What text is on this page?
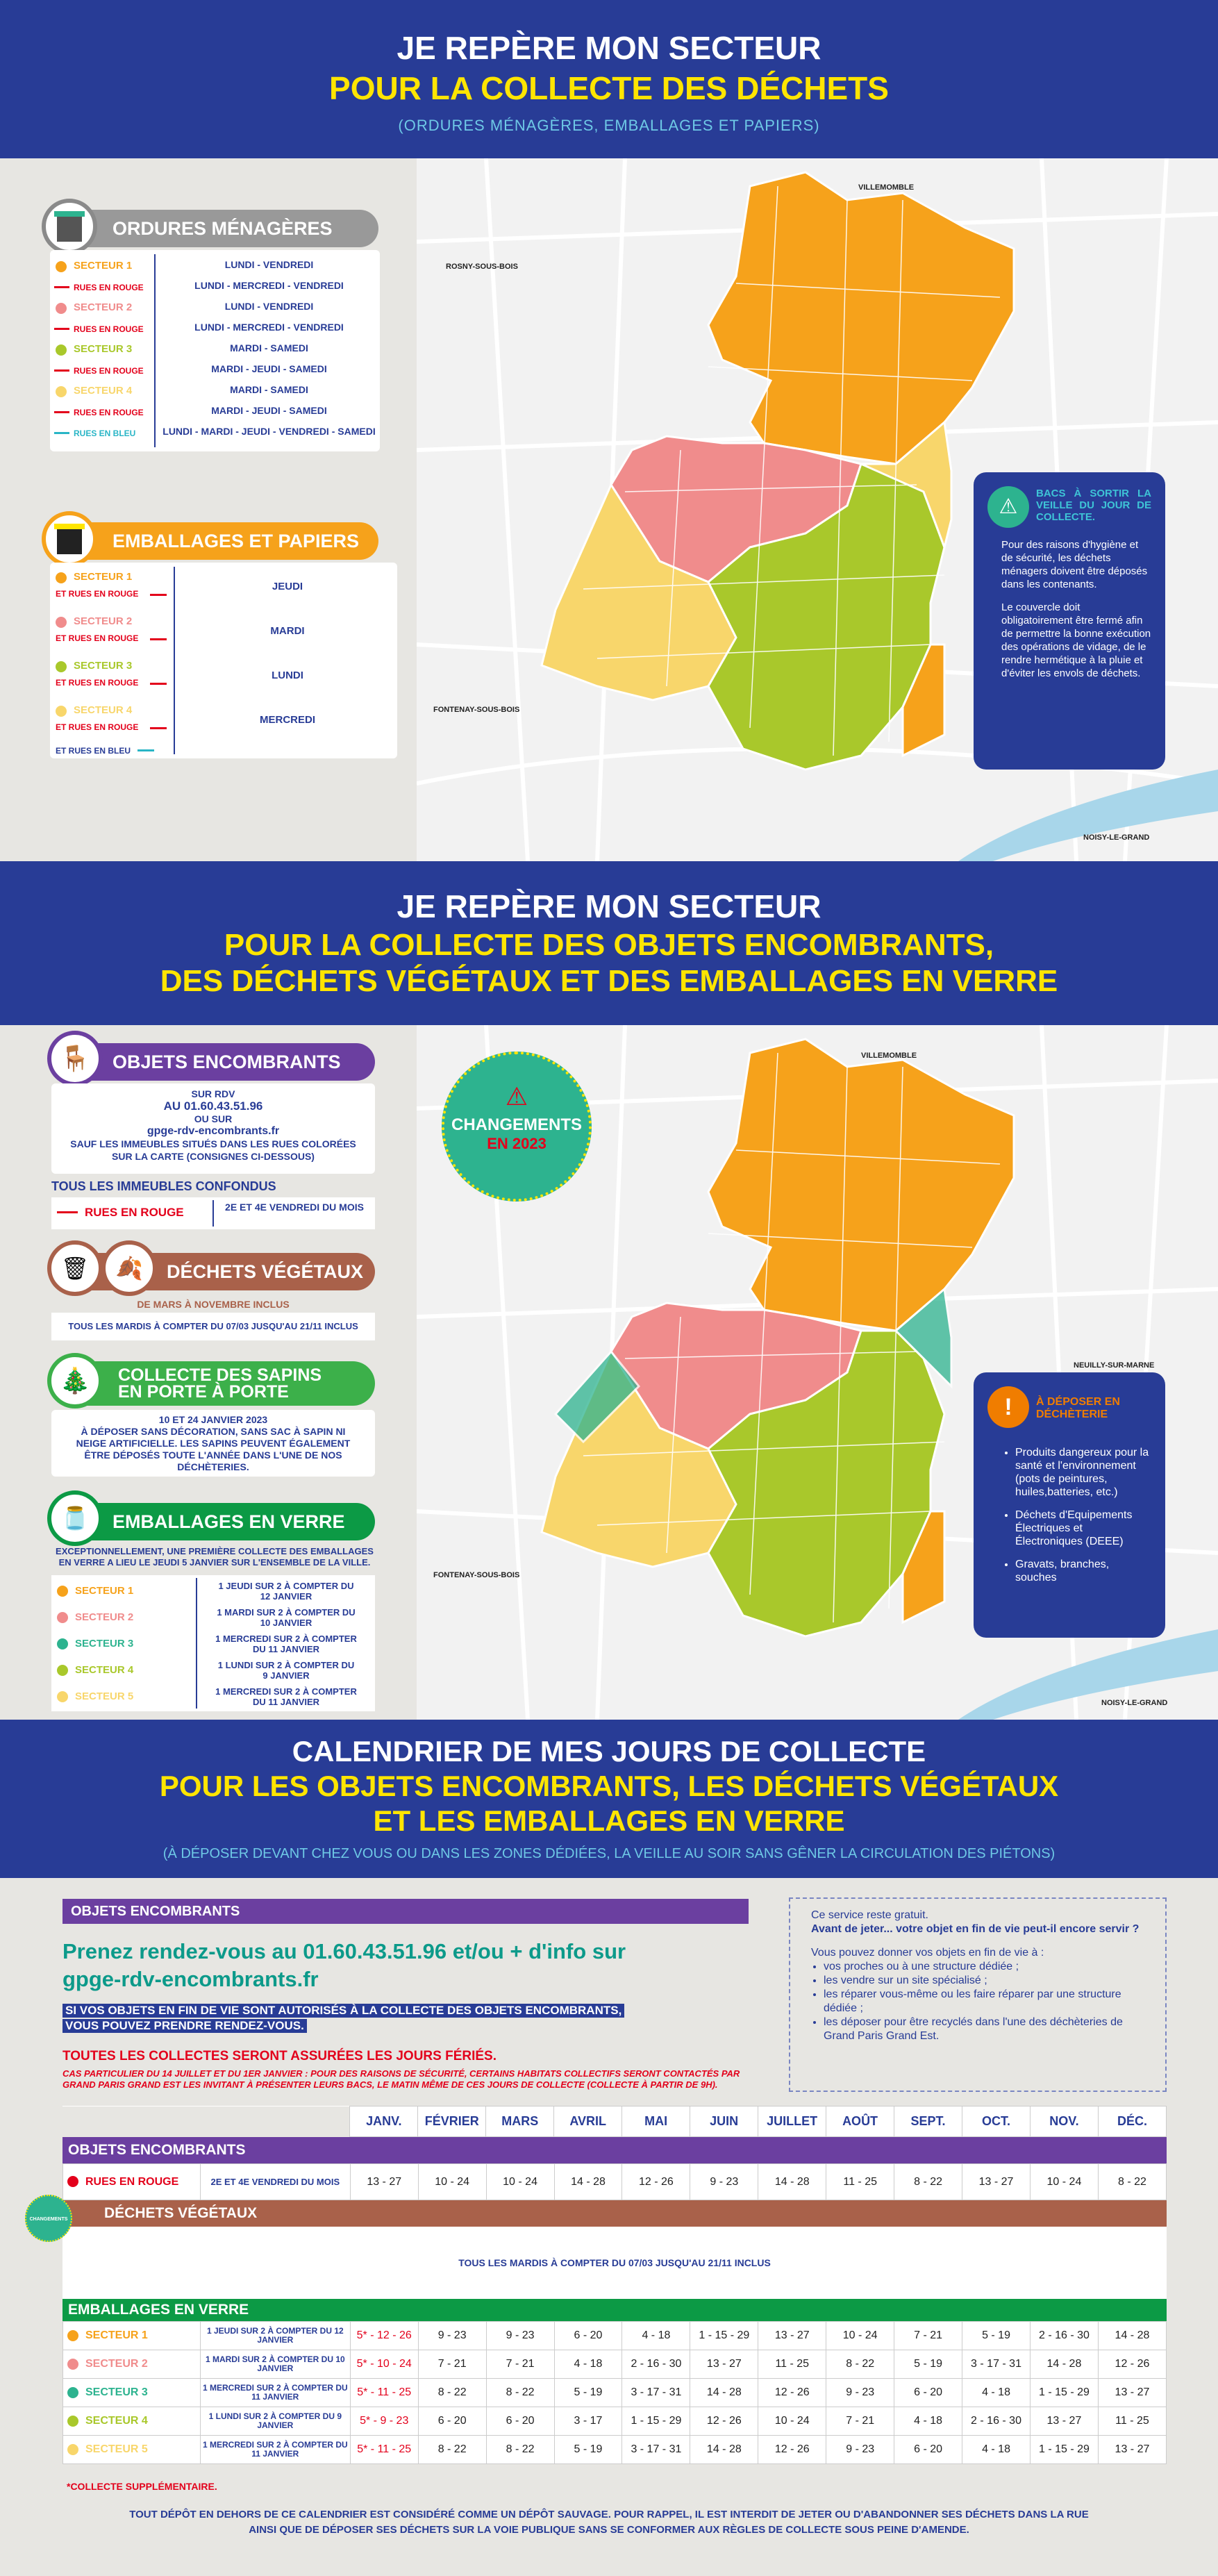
JE REPÈRE MON SECTEUR
POUR LA COLLECTE DES DÉCHETS
(ORDURES MÉNAGÈRES, EMBALLAGES ET PAPIERS)
VILLEMOMBLE
ROSNY-SOUS-BOIS
FONTENAY-SOUS-BOIS
NOISY-LE-GRAND
ORDURES MÉNAGÈRES
SECTEUR 1	LUNDI - VENDREDI
RUES EN ROUGE	LUNDI - MERCREDI - VENDREDI
SECTEUR 2	LUNDI - VENDREDI
RUES EN ROUGE	LUNDI - MERCREDI - VENDREDI
SECTEUR 3	MARDI - SAMEDI
RUES EN ROUGE	MARDI - JEUDI - SAMEDI
SECTEUR 4	MARDI - SAMEDI
RUES EN ROUGE	MARDI - JEUDI - SAMEDI
RUES EN BLEU	LUNDI - MARDI - JEUDI - VENDREDI - SAMEDI
EMBALLAGES ET PAPIERS
SECTEUR 1
ET RUES EN ROUGE
JEUDI
SECTEUR 2
ET RUES EN ROUGE
MARDI
SECTEUR 3
ET RUES EN ROUGE
LUNDI
SECTEUR 4
ET RUES EN ROUGE
MERCREDI
ET RUES EN BLEU
⚠
BACS À SORTIR LA VEILLE DU JOUR DE COLLECTE.
Pour des raisons d'hygiène et de sécurité, les déchets ménagers doivent être déposés dans les contenants.
Le couvercle doit obligatoirement être fermé afin de permettre la bonne exécution des opérations de vidage, de le rendre hermétique à la pluie et d'éviter les envols de déchets.
JE REPÈRE MON SECTEUR
POUR LA COLLECTE DES OBJETS ENCOMBRANTS,
DES DÉCHETS VÉGÉTAUX ET DES EMBALLAGES EN VERRE
VILLEMOMBLE
NEUILLY-SUR-MARNE
FONTENAY-SOUS-BOIS
NOISY-LE-GRAND
⚠
CHANGEMENTS
EN 2023
OBJETS ENCOMBRANTS
🪑
SUR RDV
AU 01.60.43.51.96
OU SUR
gpge-rdv-encombrants.fr
SAUF LES IMMEUBLES SITUÉS DANS LES RUES COLORÉES
SUR LA CARTE (CONSIGNES CI-DESSOUS)
TOUS LES IMMEUBLES CONFONDUS
RUES EN ROUGE	2E ET 4E VENDREDI DU MOIS
DÉCHETS VÉGÉTAUX
🗑	🍂
DE MARS À NOVEMBRE INCLUS
TOUS LES MARDIS À COMPTER DU 07/03 JUSQU'AU 21/11 INCLUS
COLLECTE DES SAPINS
EN PORTE À PORTE
🎄
10 ET 24 JANVIER 2023
À DÉPOSER SANS DÉCORATION, SANS SAC À SAPIN NI NEIGE ARTIFICIELLE. LES SAPINS PEUVENT ÉGALEMENT ÊTRE DÉPOSÉS TOUTE L'ANNÉE DANS L'UNE DE NOS DÉCHÈTERIES.
EMBALLAGES EN VERRE
🫙
EXCEPTIONNELLEMENT, UNE PREMIÈRE COLLECTE DES EMBALLAGES EN VERRE A LIEU LE JEUDI 5 JANVIER SUR L'ENSEMBLE DE LA VILLE.
SECTEUR 1	1 JEUDI SUR 2 À COMPTER DU 12 JANVIER
SECTEUR 2	1 MARDI SUR 2 À COMPTER DU 10 JANVIER
SECTEUR 3	1 MERCREDI SUR 2 À COMPTER DU 11 JANVIER
SECTEUR 4	1 LUNDI SUR 2 À COMPTER DU 9 JANVIER
SECTEUR 5	1 MERCREDI SUR 2 À COMPTER DU 11 JANVIER
!	À DÉPOSER EN DÉCHÈTERIE
• Produits dangereux pour la santé et l'environnement (pots de peintures, huiles,batteries, etc.)
• Déchets d'Equipements Électriques et Électroniques (DEEE)
• Gravats, branches, souches
CALENDRIER DE MES JOURS DE COLLECTE
POUR LES OBJETS ENCOMBRANTS, LES DÉCHETS VÉGÉTAUX
ET LES EMBALLAGES EN VERRE
(À DÉPOSER DEVANT CHEZ VOUS OU DANS LES ZONES DÉDIÉES, LA VEILLE AU SOIR SANS GÊNER LA CIRCULATION DES PIÉTONS)
OBJETS ENCOMBRANTS
Prenez rendez-vous au 01.60.43.51.96 et/ou + d'info sur
gpge-rdv-encombrants.fr
SI VOS OBJETS EN FIN DE VIE SONT AUTORISÉS À LA COLLECTE DES OBJETS ENCOMBRANTS,
VOUS POUVEZ PRENDRE RENDEZ-VOUS.
TOUTES LES COLLECTES SERONT ASSURÉES LES JOURS FÉRIÉS.
CAS PARTICULIER DU 14 JUILLET ET DU 1ER JANVIER : POUR DES RAISONS DE SÉCURITÉ, CERTAINS HABITATS COLLECTIFS SERONT CONTACTÉS PAR GRAND PARIS GRAND EST LES INVITANT À PRÉSENTER LEURS BACS, LE MATIN MÊME DE CES JOURS DE COLLECTE (COLLECTE À PARTIR DE 9H).
Ce service reste gratuit.
Avant de jeter... votre objet en fin de vie peut-il encore servir ?
Vous pouvez donner vos objets en fin de vie à :
• vos proches ou à une structure dédiée ;
• les vendre sur un site spécialisé ;
• les réparer vous-même ou les faire réparer par une structure dédiée ;
• les déposer pour être recyclés dans l'une des déchèteries de Grand Paris Grand Est.
	JANV.	FÉVRIER	MARS	AVRIL	MAI	JUIN	JUILLET	AOÛT	SEPT.	OCT.	NOV.	DÉC.
OBJETS ENCOMBRANTS
RUES EN ROUGE	2E ET 4E VENDREDI DU MOIS	13 - 27	10 - 24	10 - 24	14 - 28	12 - 26	9 - 23	14 - 28	11 - 25	8 - 22	13 - 27	10 - 24	8 - 22
DÉCHETS VÉGÉTAUX
TOUS LES MARDIS À COMPTER DU 07/03 JUSQU'AU 21/11 INCLUS
EMBALLAGES EN VERRE
SECTEUR 1	1 JEUDI SUR 2 À COMPTER DU 12 JANVIER	5* - 12 - 26	9 - 23	9 - 23	6 - 20	4 - 18	1 - 15 - 29	13 - 27	10 - 24	7 - 21	5 - 19	2 - 16 - 30	14 - 28
SECTEUR 2	1 MARDI SUR 2 À COMPTER DU 10 JANVIER	5* - 10 - 24	7 - 21	7 - 21	4 - 18	2 - 16 - 30	13 - 27	11 - 25	8 - 22	5 - 19	3 - 17 - 31	14 - 28	12 - 26
SECTEUR 3	1 MERCREDI SUR 2 À COMPTER DU 11 JANVIER	5* - 11 - 25	8 - 22	8 - 22	5 - 19	3 - 17 - 31	14 - 28	12 - 26	9 - 23	6 - 20	4 - 18	1 - 15 - 29	13 - 27
SECTEUR 4	1 LUNDI SUR 2 À COMPTER DU 9 JANVIER	5* - 9 - 23	6 - 20	6 - 20	3 - 17	1 - 15 - 29	12 - 26	10 - 24	7 - 21	4 - 18	2 - 16 - 30	13 - 27	11 - 25
SECTEUR 5	1 MERCREDI SUR 2 À COMPTER DU 11 JANVIER	5* - 11 - 25	8 - 22	8 - 22	5 - 19	3 - 17 - 31	14 - 28	12 - 26	9 - 23	6 - 20	4 - 18	1 - 15 - 29	13 - 27
CHANGEMENTS
*COLLECTE SUPPLÉMENTAIRE.
TOUT DÉPÔT EN DEHORS DE CE CALENDRIER EST CONSIDÉRÉ COMME UN DÉPÔT SAUVAGE. POUR RAPPEL, IL EST INTERDIT DE JETER OU D'ABANDONNER SES DÉCHETS DANS LA RUE
AINSI QUE DE DÉPOSER SES DÉCHETS SUR LA VOIE PUBLIQUE SANS SE CONFORMER AUX RÈGLES DE COLLECTE SOUS PEINE D'AMENDE.
